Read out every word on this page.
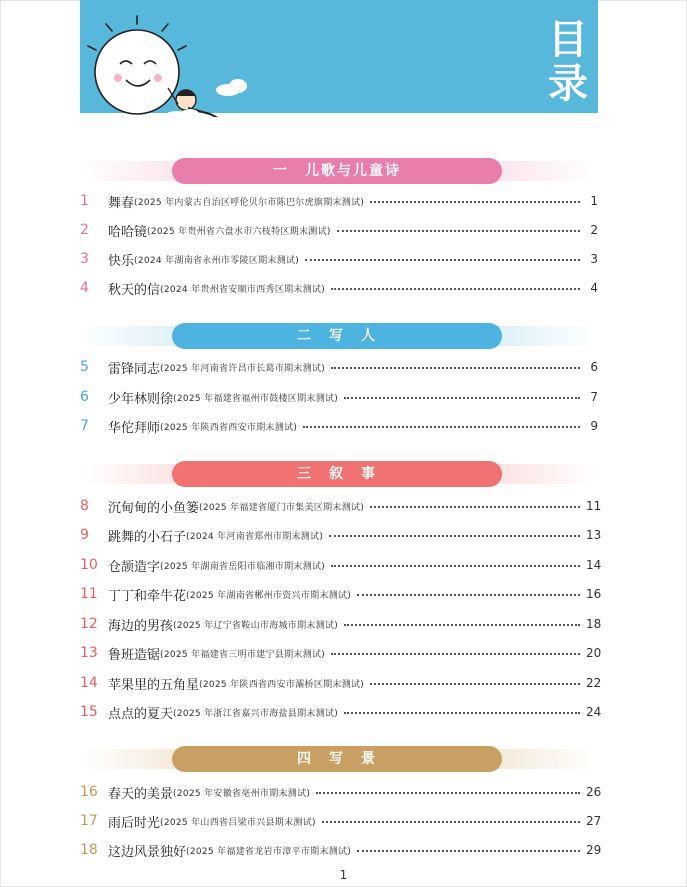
目
录
一　儿歌与儿童诗
1	舞春 (2025 年内蒙古自治区呼伦贝尔市陈巴尔虎旗期末测试)	1
2	哈哈镜 (2025 年贵州省六盘水市六枝特区期末测试)	2
3	快乐 (2024 年湖南省永州市零陵区期末测试)	3
4	秋天的信 (2024 年贵州省安顺市西秀区期末测试)	4
二　写　人
5	雷锋同志 (2025 年河南省许昌市长葛市期末测试)	6
6	少年林则徐 (2025 年福建省福州市鼓楼区期末测试)	7
7	华佗拜师 (2025 年陕西省西安市期末测试)	9
三　叙　事
8	沉甸甸的小鱼篓 (2025 年福建省厦门市集美区期末测试)	11
9	跳舞的小石子 (2024 年河南省郑州市期末测试)	13
10 仓颉造字 (2025 年湖南省岳阳市临湘市期末测试)	14
11 丁丁和牵牛花 (2025 年湖南省郴州市资兴市期末测试)	16
12 海边的男孩 (2025 年辽宁省鞍山市海城市期末测试)	18
13 鲁班造锯 (2025 年福建省三明市建宁县期末测试)	20
14 苹果里的五角星 (2025 年陕西省西安市灞桥区期末测试)	22
15 点点的夏天 (2025 年浙江省嘉兴市海盐县期末测试)	24
四　写　景
16 春天的美景 (2025 年安徽省亳州市期末测试)	26
17 雨后时光 (2025 年山西省吕梁市兴县期末测试)	27
18 这边风景独好 (2025 年福建省龙岩市漳平市期末测试)	29
1
